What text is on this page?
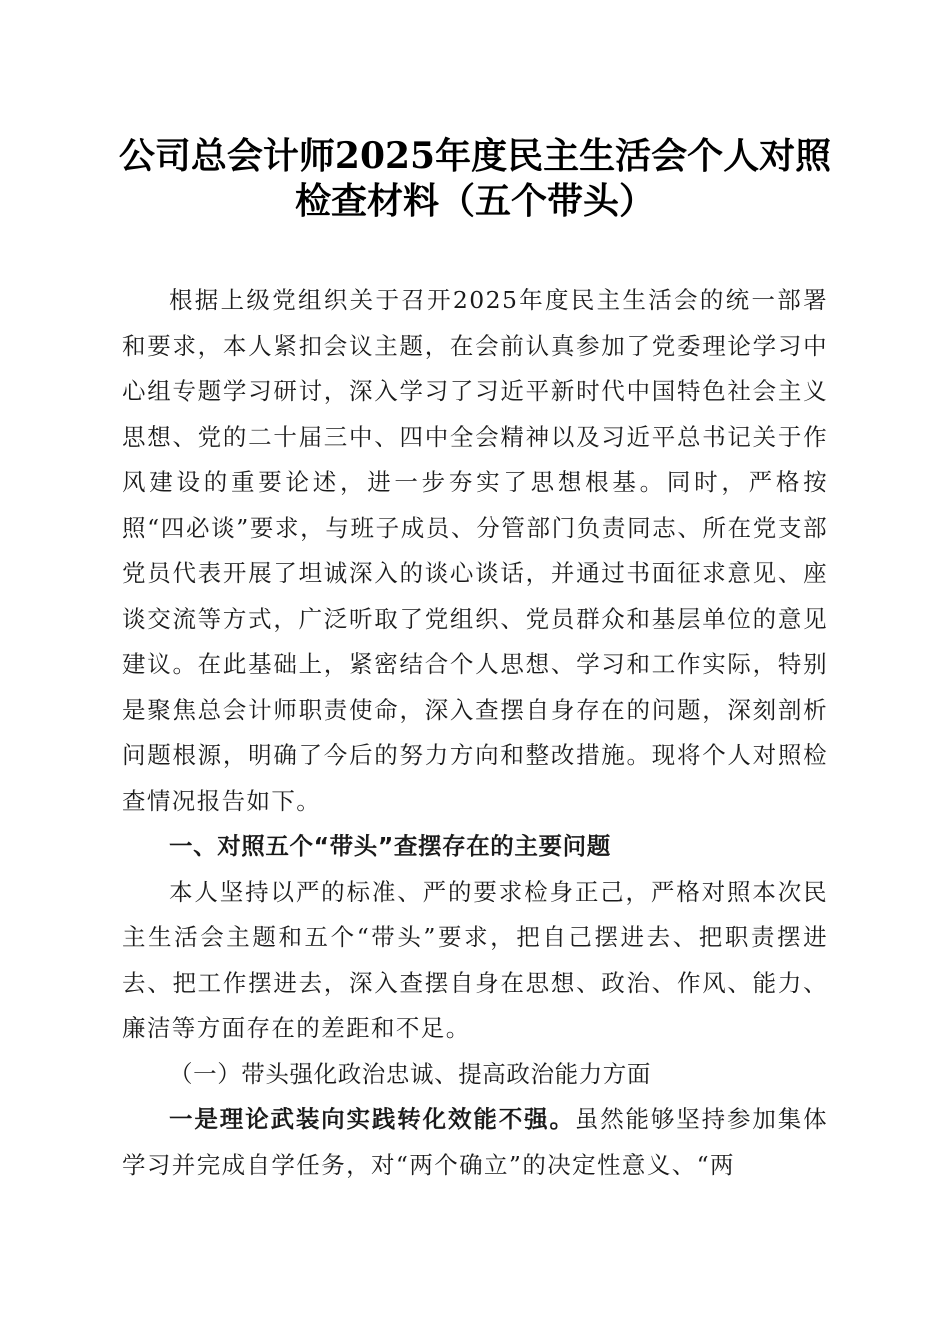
公司总会计师2025年度民主生活会个人对照
检查材料（五个带头）

根据上级党组织关于召开2025年度民主生活会的统一部署和要求，本人紧扣会议主题，在会前认真参加了党委理论学习中心组专题学习研讨，深入学习了习近平新时代中国特色社会主义思想、党的二十届三中、四中全会精神以及习近平总书记关于作风建设的重要论述，进一步夯实了思想根基。同时，严格按照“四必谈”要求，与班子成员、分管部门负责同志、所在党支部党员代表开展了坦诚深入的谈心谈话，并通过书面征求意见、座谈交流等方式，广泛听取了党组织、党员群众和基层单位的意见建议。在此基础上，紧密结合个人思想、学习和工作实际，特别是聚焦总会计师职责使命，深入查摆自身存在的问题，深刻剖析问题根源，明确了今后的努力方向和整改措施。现将个人对照检查情况报告如下。

一、对照五个“带头”查摆存在的主要问题

本人坚持以严的标准、严的要求检身正己，严格对照本次民主生活会主题和五个“带头”要求，把自己摆进去、把职责摆进去、把工作摆进去，深入查摆自身在思想、政治、作风、能力、廉洁等方面存在的差距和不足。

（一）带头强化政治忠诚、提高政治能力方面

一是理论武装向实践转化效能不强。虽然能够坚持参加集体学习并完成自学任务，对“两个确立”的决定性意义、“两
